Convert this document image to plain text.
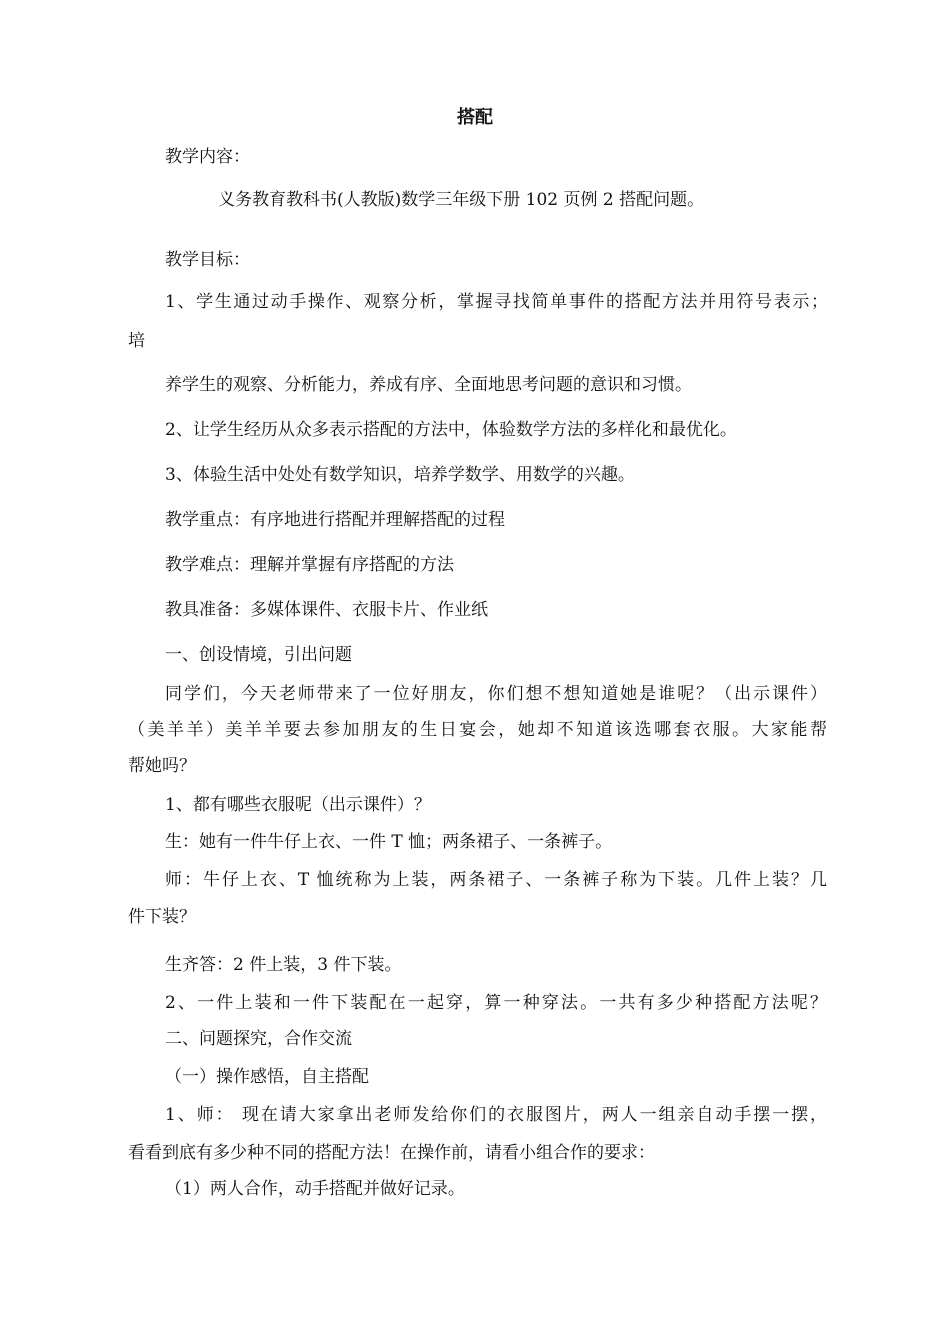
搭配
教学内容：
义务教育教科书(人教版)数学三年级下册 102 页例 2 搭配问题。
教学目标：
1、学生通过动手操作、观察分析，掌握寻找简单事件的搭配方法并用符号表示；
培
养学生的观察、分析能力，养成有序、全面地思考问题的意识和习惯。
2、让学生经历从众多表示搭配的方法中，体验数学方法的多样化和最优化。
3、体验生活中处处有数学知识，培养学数学、用数学的兴趣。
教学重点：有序地进行搭配并理解搭配的过程
教学难点：理解并掌握有序搭配的方法
教具准备：多媒体课件、衣服卡片、作业纸
一、创设情境，引出问题
同学们，今天老师带来了一位好朋友，你们想不想知道她是谁呢？（出示课件）
（美羊羊）美羊羊要去参加朋友的生日宴会，她却不知道该选哪套衣服。大家能帮
帮她吗？
1、都有哪些衣服呢（出示课件）？
生：她有一件牛仔上衣、一件 T 恤；两条裙子、一条裤子。
师：牛仔上衣、T 恤统称为上装，两条裙子、一条裤子称为下装。几件上装？几
件下装？
生齐答：2 件上装，3 件下装。
2、一件上装和一件下装配在一起穿，算一种穿法。一共有多少种搭配方法呢？
二、问题探究，合作交流
（一）操作感悟，自主搭配
1、师： 现在请大家拿出老师发给你们的衣服图片，两人一组亲自动手摆一摆，
看看到底有多少种不同的搭配方法！在操作前，请看小组合作的要求：
（1）两人合作，动手搭配并做好记录。
